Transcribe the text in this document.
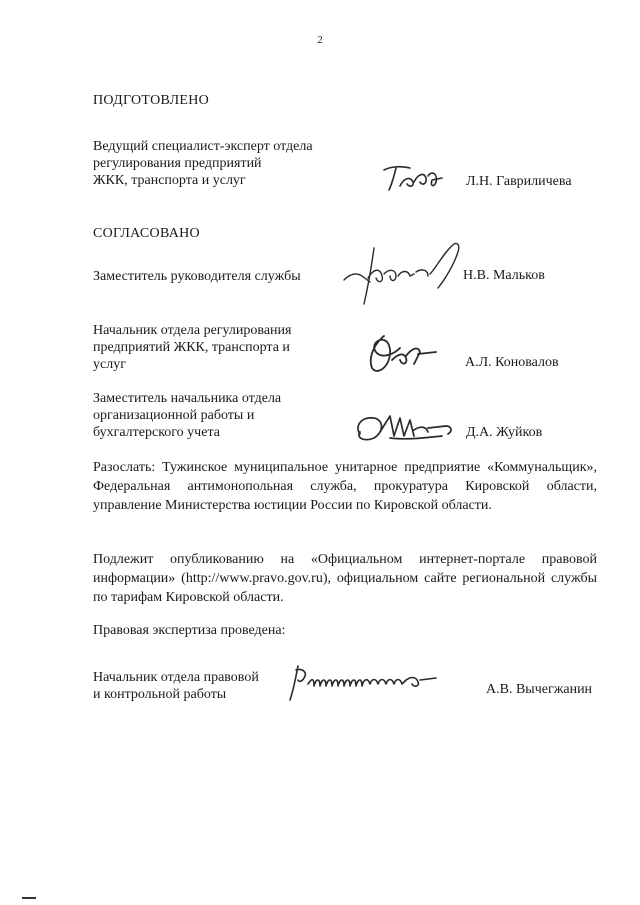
2
ПОДГОТОВЛЕНО
Ведущий специалист-эксперт отдела
регулирования предприятий
ЖКК, транспорта и услуг	Л.Н. Гавриличева
СОГЛАСОВАНО
Заместитель руководителя службы	Н.В. Мальков
Начальник отдела регулирования
предприятий ЖКК, транспорта и
услуг	А.Л. Коновалов
Заместитель начальника отдела
организационной работы и
бухгалтерского учета	Д.А. Жуйков
Разослать: Тужинское муниципальное унитарное предприятие «Коммунальщик», Федеральная антимонопольная служба, прокуратура Кировской области, управление Министерства юстиции России по Кировской области.
Подлежит опубликованию на «Официальном интернет-портале правовой информации» (http://www.pravo.gov.ru), официальном сайте региональной службы по тарифам Кировской области.
Правовая экспертиза проведена:
Начальник отдела правовой
и контрольной работы	А.В. Вычегжанин
